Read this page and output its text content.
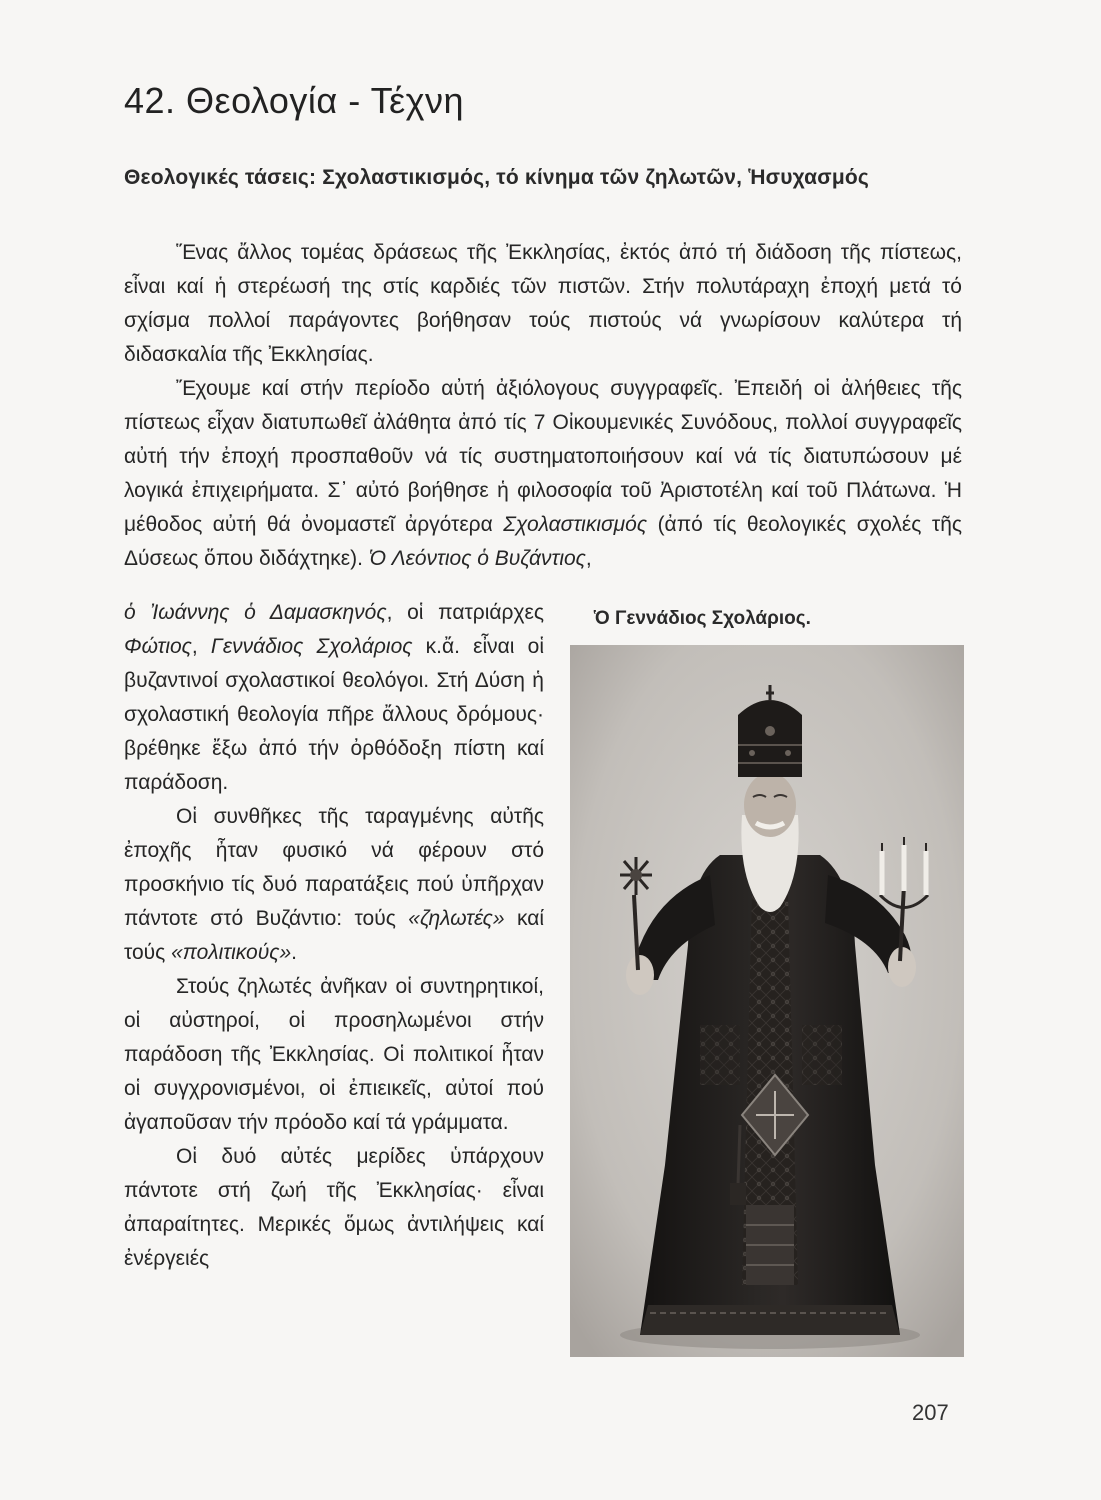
42. Θεολογία - Τέχνη
Θεολογικές τάσεις: Σχολαστικισμός, τό κίνημα τῶν ζηλωτῶν, Ἡσυχασμός

Ἕνας ἄλλος τομέας δράσεως τῆς Ἐκκλησίας, ἐκτός ἀπό τή διάδοση τῆς πίστεως, εἶναι καί ἡ στερέωσή της στίς καρδιές τῶν πιστῶν. Στήν πολυτάραχη ἐποχή μετά τό σχίσμα πολλοί παράγοντες βοήθησαν τούς πιστούς νά γνωρίσουν καλύτερα τή διδασκαλία τῆς Ἐκκλησίας.

Ἔχουμε καί στήν περίοδο αὐτή ἀξιόλογους συγγραφεῖς. Ἐπειδή οἱ ἀλήθειες τῆς πίστεως εἶχαν διατυπωθεῖ ἀλάθητα ἀπό τίς 7 Οἰκουμενικές Συνόδους, πολλοί συγγραφεῖς αὐτή τήν ἐποχή προσπαθοῦν νά τίς συστηματοποιήσουν καί νά τίς διατυπώσουν μέ λογικά ἐπιχειρήματα. Σ᾿ αὐτό βοήθησε ἡ φιλοσοφία τοῦ Ἀριστοτέλη καί τοῦ Πλάτωνα. Ἡ μέθοδος αὐτή θά ὀνομαστεῖ ἀργότερα Σχολαστικισμός (ἀπό τίς θεολογικές σχολές τῆς Δύσεως ὅπου διδάχτηκε). Ὁ Λεόντιος ὁ Βυζάντιος,

ὁ Ἰωάννης ὁ Δαμασκηνός, οἱ πατριάρχες Φώτιος, Γεννάδιος Σχολάριος κ.ἄ. εἶναι οἱ βυζαντινοί σχολαστικοί θεολόγοι. Στή Δύση ἡ σχολαστική θεολογία πῆρε ἄλλους δρόμους· βρέθηκε ἔξω ἀπό τήν ὀρθόδοξη πίστη καί παράδοση.

Οἱ συνθῆκες τῆς ταραγμένης αὐτῆς ἐποχῆς ἦταν φυσικό νά φέρουν στό προσκήνιο τίς δυό παρατάξεις πού ὑπῆρχαν πάντοτε στό Βυζάντιο: τούς «ζηλωτές» καί τούς «πολιτικούς».

Στούς ζηλωτές ἀνῆκαν οἱ συντηρητικοί, οἱ αὐστηροί, οἱ προσηλωμένοι στήν παράδοση τῆς Ἐκκλησίας. Οἱ πολιτικοί ἦταν οἱ συγχρονισμένοι, οἱ ἐπιεικεῖς, αὐτοί πού ἀγαποῦσαν τήν πρόοδο καί τά γράμματα.

Οἱ δυό αὐτές μερίδες ὑπάρχουν πάντοτε στή ζωή τῆς Ἐκκλησίας· εἶναι ἀπαραίτητες. Μερικές ὅμως ἀντιλήψεις καί ἐνέργειές

Ὁ Γεννάδιος Σχολάριος.
207
